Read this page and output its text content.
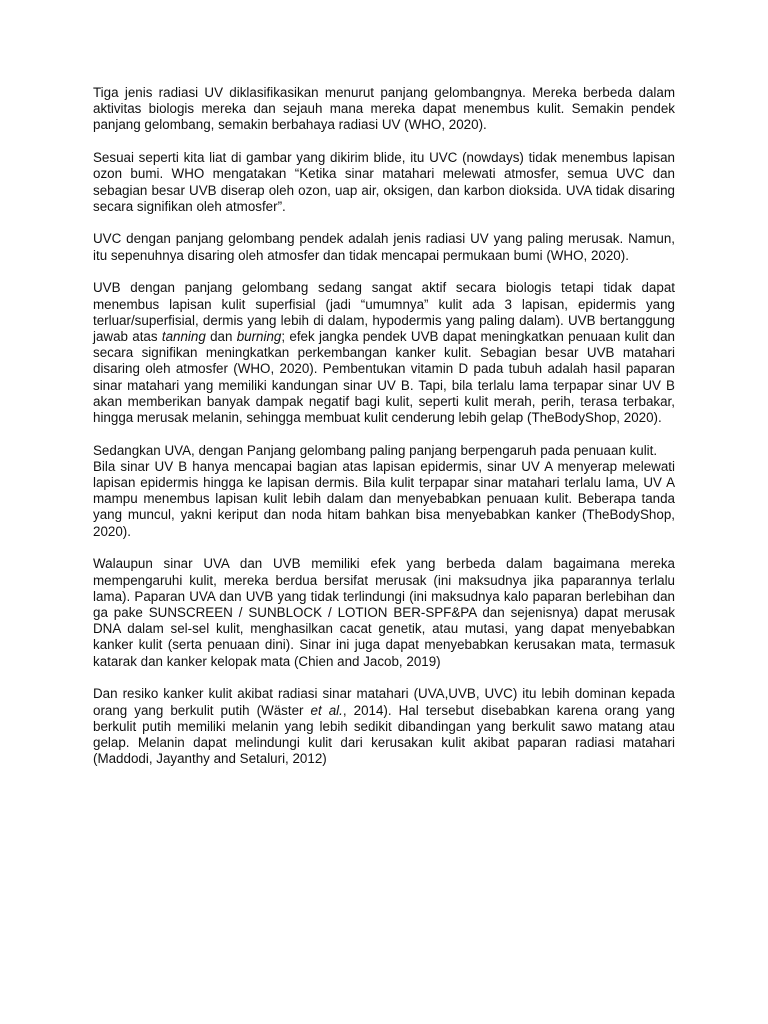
Tiga jenis radiasi UV diklasifikasikan menurut panjang gelombangnya. Mereka berbeda dalam aktivitas biologis mereka dan sejauh mana mereka dapat menembus kulit. Semakin pendek panjang gelombang, semakin berbahaya radiasi UV (WHO, 2020).

Sesuai seperti kita liat di gambar yang dikirim blide, itu UVC (nowdays) tidak menembus lapisan ozon bumi. WHO mengatakan “Ketika sinar matahari melewati atmosfer, semua UVC dan sebagian besar UVB diserap oleh ozon, uap air, oksigen, dan karbon dioksida. UVA tidak disaring secara signifikan oleh atmosfer”.

UVC dengan panjang gelombang pendek adalah jenis radiasi UV yang paling merusak. Namun, itu sepenuhnya disaring oleh atmosfer dan tidak mencapai permukaan bumi (WHO, 2020).

UVB dengan panjang gelombang sedang sangat aktif secara biologis tetapi tidak dapat menembus lapisan kulit superfisial (jadi “umumnya” kulit ada 3 lapisan, epidermis yang terluar/superfisial, dermis yang lebih di dalam, hypodermis yang paling dalam). UVB bertanggung jawab atas tanning dan burning; efek jangka pendek UVB dapat meningkatkan penuaan kulit dan secara signifikan meningkatkan perkembangan kanker kulit. Sebagian besar UVB matahari disaring oleh atmosfer (WHO, 2020). Pembentukan vitamin D pada tubuh adalah hasil paparan sinar matahari yang memiliki kandungan sinar UV B. Tapi, bila terlalu lama terpapar sinar UV B akan memberikan banyak dampak negatif bagi kulit, seperti kulit merah, perih, terasa terbakar, hingga merusak melanin, sehingga membuat kulit cenderung lebih gelap (TheBodyShop, 2020).

Sedangkan UVA, dengan Panjang gelombang paling panjang berpengaruh pada penuaan kulit.

Bila sinar UV B hanya mencapai bagian atas lapisan epidermis, sinar UV A menyerap melewati lapisan epidermis hingga ke lapisan dermis. Bila kulit terpapar sinar matahari terlalu lama, UV A mampu menembus lapisan kulit lebih dalam dan menyebabkan penuaan kulit. Beberapa tanda yang muncul, yakni keriput dan noda hitam bahkan bisa menyebabkan kanker (TheBodyShop, 2020).

Walaupun sinar UVA dan UVB memiliki efek yang berbeda dalam bagaimana mereka mempengaruhi kulit, mereka berdua bersifat merusak (ini maksudnya jika paparannya terlalu lama). Paparan UVA dan UVB yang tidak terlindungi (ini maksudnya kalo paparan berlebihan dan ga pake SUNSCREEN / SUNBLOCK / LOTION BER-SPF&PA dan sejenisnya) dapat merusak DNA dalam sel-sel kulit, menghasilkan cacat genetik, atau mutasi, yang dapat menyebabkan kanker kulit (serta penuaan dini). Sinar ini juga dapat menyebabkan kerusakan mata, termasuk katarak dan kanker kelopak mata (Chien and Jacob, 2019)

Dan resiko kanker kulit akibat radiasi sinar matahari (UVA,UVB, UVC) itu lebih dominan kepada orang yang berkulit putih (Wäster et al., 2014). Hal tersebut disebabkan karena orang yang berkulit putih memiliki melanin yang lebih sedikit dibandingan yang berkulit sawo matang atau gelap. Melanin dapat melindungi kulit dari kerusakan kulit akibat paparan radiasi matahari (Maddodi, Jayanthy and Setaluri, 2012)
